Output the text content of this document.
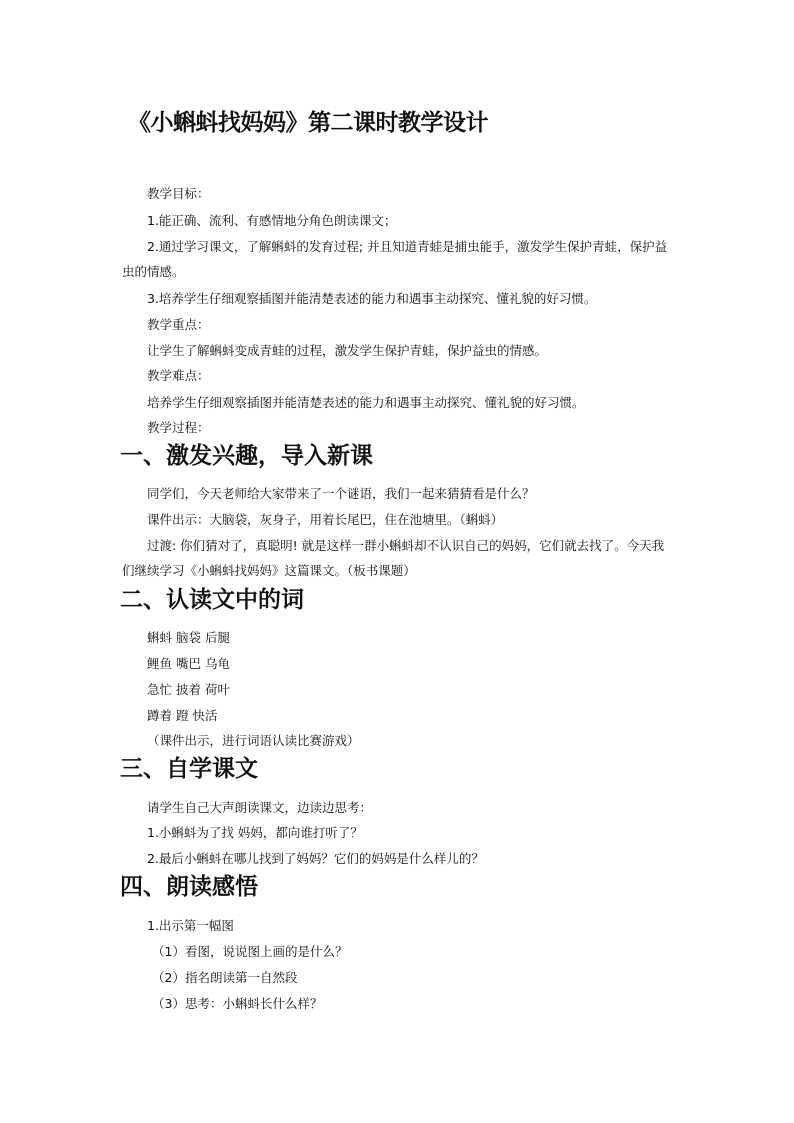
《小蝌蚪找妈妈》第二课时教学设计

教学目标：

1.能正确、流利、有感情地分角色朗读课文；

2.通过学习课文，了解蝌蚪的发育过程; 并且知道青蛙是捕虫能手，激发学生保护青蛙，保护益

虫的情感。

3.培养学生仔细观察插图并能清楚表述的能力和遇事主动探究、懂礼貌的好习惯。

教学重点：

让学生了解蝌蚪变成青蛙的过程，激发学生保护青蛙，保护益虫的情感。

教学难点：

培养学生仔细观察插图并能清楚表述的能力和遇事主动探究、懂礼貌的好习惯。

教学过程：

一、激发兴趣，导入新课

同学们，今天老师给大家带来了一个谜语，我们一起来猜猜看是什么？

课件出示：大脑袋，灰身子，用着长尾巴，住在池塘里。（蝌蚪）

过渡: 你们猜对了，真聪明! 就是这样一群小蝌蚪却不认识自己的妈妈，它们就去找了。今天我

们继续学习《小蝌蚪找妈妈》这篇课文。（板书课题）

二、认读文中的词

蝌蚪 脑袋 后腿

鲤鱼 嘴巴 乌龟

急忙 披着 荷叶

蹲着 蹬 快活

（课件出示，进行词语认读比赛游戏）

三、自学课文

请学生自己大声朗读课文，边读边思考：

1.小蝌蚪为了找 妈妈，都向谁打听了？

2.最后小蝌蚪在哪儿找到了妈妈？它们的妈妈是什么样儿的？

四、朗读感悟

1.出示第一幅图

（1）看图，说说图上画的是什么？

（2）指名朗读第一自然段

（3）思考：小蝌蚪长什么样？
